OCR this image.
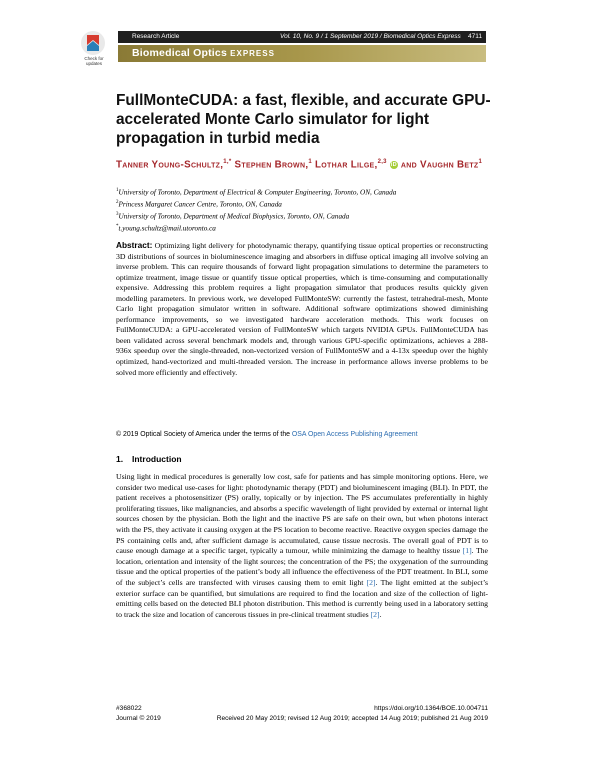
Check for updates
Research Article	Vol. 10, No. 9 / 1 September 2019 / Biomedical Optics Express 4711
Biomedical Optics EXPRESS
FullMonteCUDA: a fast, flexible, and accurate GPU-accelerated Monte Carlo simulator for light propagation in turbid media
Tanner Young-Schultz,$^{1,*}$ Stephen Brown,$^1$ Lothar Lilge,$^{2,3}$ iD and Vaughn Betz$^1$
$^1$University of Toronto, Department of Electrical & Computer Engineering, Toronto, ON, Canada
$^2$Princess Margaret Cancer Centre, Toronto, ON, Canada
$^3$University of Toronto, Department of Medical Biophysics, Toronto, ON, Canada
*t.young.schultz@mail.utoronto.ca
Abstract: Optimizing light delivery for photodynamic therapy, quantifying tissue optical properties or reconstructing 3D distributions of sources in bioluminescence imaging and absorbers in diffuse optical imaging all involve solving an inverse problem. This can require thousands of forward light propagation simulations to determine the parameters to optimize treatment, image tissue or quantify tissue optical properties, which is time-consuming and computationally expensive. Addressing this problem requires a light propagation simulator that produces results quickly given modelling parameters. In previous work, we developed FullMonteSW: currently the fastest, tetrahedral-mesh, Monte Carlo light propagation simulator written in software. Additional software optimizations showed diminishing performance improvements, so we investigated hardware acceleration methods. This work focuses on FullMonteCUDA: a GPU-accelerated version of FullMonteSW which targets NVIDIA GPUs. FullMonteCUDA has been validated across several benchmark models and, through various GPU-specific optimizations, achieves a 288-936x speedup over the single-threaded, non-vectorized version of FullMonteSW and a 4-13x speedup over the highly optimized, hand-vectorized and multi-threaded version. The increase in performance allows inverse problems to be solved more efficiently and effectively.
© 2019 Optical Society of America under the terms of the OSA Open Access Publishing Agreement
1. Introduction
Using light in medical procedures is generally low cost, safe for patients and has simple monitoring options. Here, we consider two medical use-cases for light: photodynamic therapy (PDT) and bioluminescent imaging (BLI). In PDT, the patient receives a photosensitizer (PS) orally, topically or by injection. The PS accumulates preferentially in highly proliferating tissues, like malignancies, and absorbs a specific wavelength of light provided by external or internal light sources chosen by the physician. Both the light and the inactive PS are safe on their own, but when photons interact with the PS, they activate it causing oxygen at the PS location to become reactive. Reactive oxygen species damage the PS containing cells and, after sufficient damage is accumulated, cause tissue necrosis. The overall goal of PDT is to cause enough damage at a specific target, typically a tumour, while minimizing the damage to healthy tissue [1]. The location, orientation and intensity of the light sources; the concentration of the PS; the oxygenation of the surrounding tissue and the optical properties of the patient’s body all influence the effectiveness of the PDT treatment. In BLI, some of the subject’s cells are transfected with viruses causing them to emit light [2]. The light emitted at the subject’s exterior surface can be quantified, but simulations are required to find the location and size of the collection of light-emitting cells based on the detected BLI photon distribution. This method is currently being used in a laboratory setting to track the size and location of cancerous tissues in pre-clinical treatment studies [2].
#368022
Journal © 2019
https://doi.org/10.1364/BOE.10.004711
Received 20 May 2019; revised 12 Aug 2019; accepted 14 Aug 2019; published 21 Aug 2019
